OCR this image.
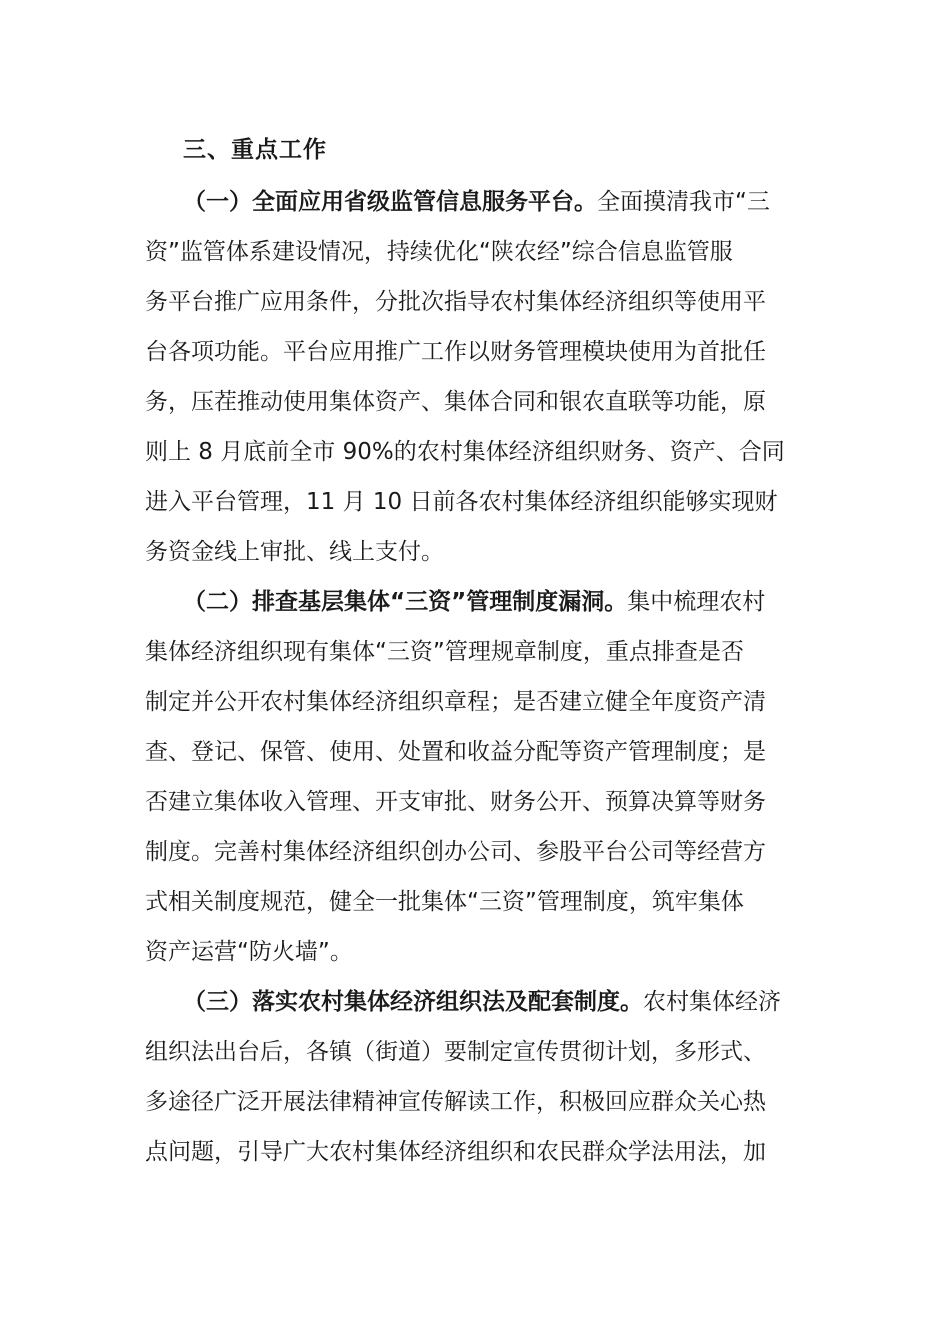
三、重点工作

（一）全面应用省级监管信息服务平台。全面摸清我市“三

资”监管体系建设情况，持续优化“陕农经”综合信息监管服

务平台推广应用条件，分批次指导农村集体经济组织等使用平

台各项功能。平台应用推广工作以财务管理模块使用为首批任

务，压茬推动使用集体资产、集体合同和银农直联等功能，原

则上 8 月底前全市 90%的农村集体经济组织财务、资产、合同

进入平台管理，11 月 10 日前各农村集体经济组织能够实现财

务资金线上审批、线上支付。

（二）排查基层集体“三资”管理制度漏洞。集中梳理农村

集体经济组织现有集体“三资”管理规章制度，重点排查是否

制定并公开农村集体经济组织章程；是否建立健全年度资产清

查、登记、保管、使用、处置和收益分配等资产管理制度；是

否建立集体收入管理、开支审批、财务公开、预算决算等财务

制度。完善村集体经济组织创办公司、参股平台公司等经营方

式相关制度规范，健全一批集体“三资”管理制度，筑牢集体

资产运营“防火墙”。

（三）落实农村集体经济组织法及配套制度。农村集体经济

组织法出台后，各镇（街道）要制定宣传贯彻计划，多形式、

多途径广泛开展法律精神宣传解读工作，积极回应群众关心热

点问题，引导广大农村集体经济组织和农民群众学法用法，加
